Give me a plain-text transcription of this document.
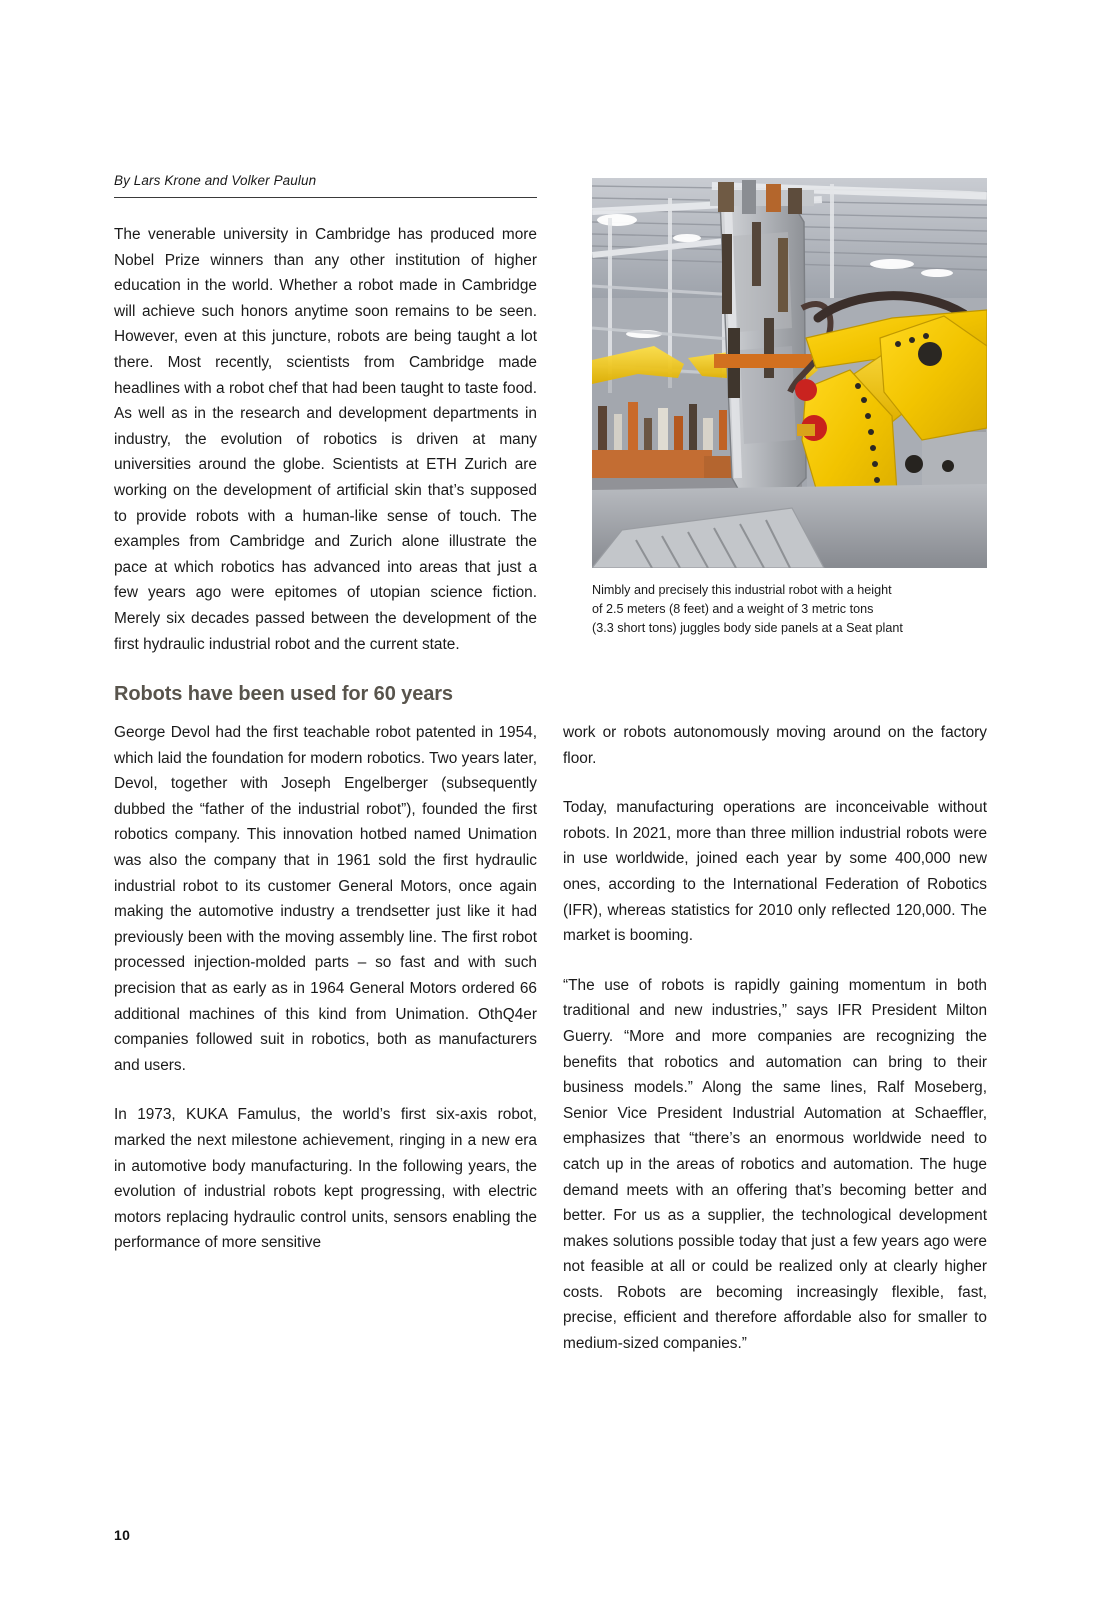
By Lars Krone and Volker Paulun
Nimbly and precisely this industrial robot with a height
of 2.5 meters (8 feet) and a weight of 3 metric tons
(3.3 short tons) juggles body side panels at a Seat plant

The venerable university in Cambridge has produced more Nobel Prize winners than any other institution of higher education in the world. Whether a robot made in Cambridge will achieve such honors anytime soon remains to be seen. However, even at this juncture, robots are being taught a lot there. Most recently, scientists from Cambridge made headlines with a robot chef that had been taught to taste food. As well as in the research and development departments in industry, the evolution of robotics is driven at many universities around the globe. Scientists at ETH Zurich are working on the development of artificial skin that’s supposed to provide robots with a human-like sense of touch. The examples from Cambridge and Zurich alone illustrate the pace at which robotics has advanced into areas that just a few years ago were epitomes of utopian science fiction. Merely six decades passed between the development of the first hydraulic industrial robot and the current state.

Robots have been used for 60 years

George Devol had the first teachable robot patented in 1954, which laid the foundation for modern robotics. Two years later, Devol, together with Joseph Engelberger (subsequently dubbed the “father of the industrial robot”), founded the first robotics company. This innovation hotbed named Unimation was also the company that in 1961 sold the first hydraulic industrial robot to its customer General Motors, once again making the automotive industry a trendsetter just like it had previously been with the moving assembly line. The first robot processed injection-molded parts – so fast and with such precision that as early as in 1964 General Motors ordered 66 additional machines of this kind from Unimation. OthQ4er companies followed suit in robotics, both as manufacturers and users.

In 1973, KUKA Famulus, the world’s first six-axis robot, marked the next milestone achievement, ringing in a new era in automotive body manufacturing. In the following years, the evolution of industrial robots kept progressing, with electric motors replacing hydraulic control units, sensors enabling the performance of more sensitive

work or robots autonomously moving around on the factory floor.

Today, manufacturing operations are inconceivable without robots. In 2021, more than three million industrial robots were in use worldwide, joined each year by some 400,000 new ones, according to the International Federation of Robotics (IFR), whereas statistics for 2010 only reflected 120,000. The market is booming.

“The use of robots is rapidly gaining momentum in both traditional and new industries,” says IFR President Milton Guerry. “More and more companies are recognizing the benefits that robotics and automation can bring to their business models.” Along the same lines, Ralf Moseberg, Senior Vice President Industrial Automation at Schaeffler, emphasizes that “there’s an enormous worldwide need to catch up in the areas of robotics and automation. The huge demand meets with an offering that’s becoming better and better. For us as a supplier, the technological development makes solutions possible today that just a few years ago were not feasible at all or could be realized only at clearly higher costs. Robots are becoming increasingly flexible, fast, precise, efficient and therefore affordable also for smaller to medium-sized companies.”

10
